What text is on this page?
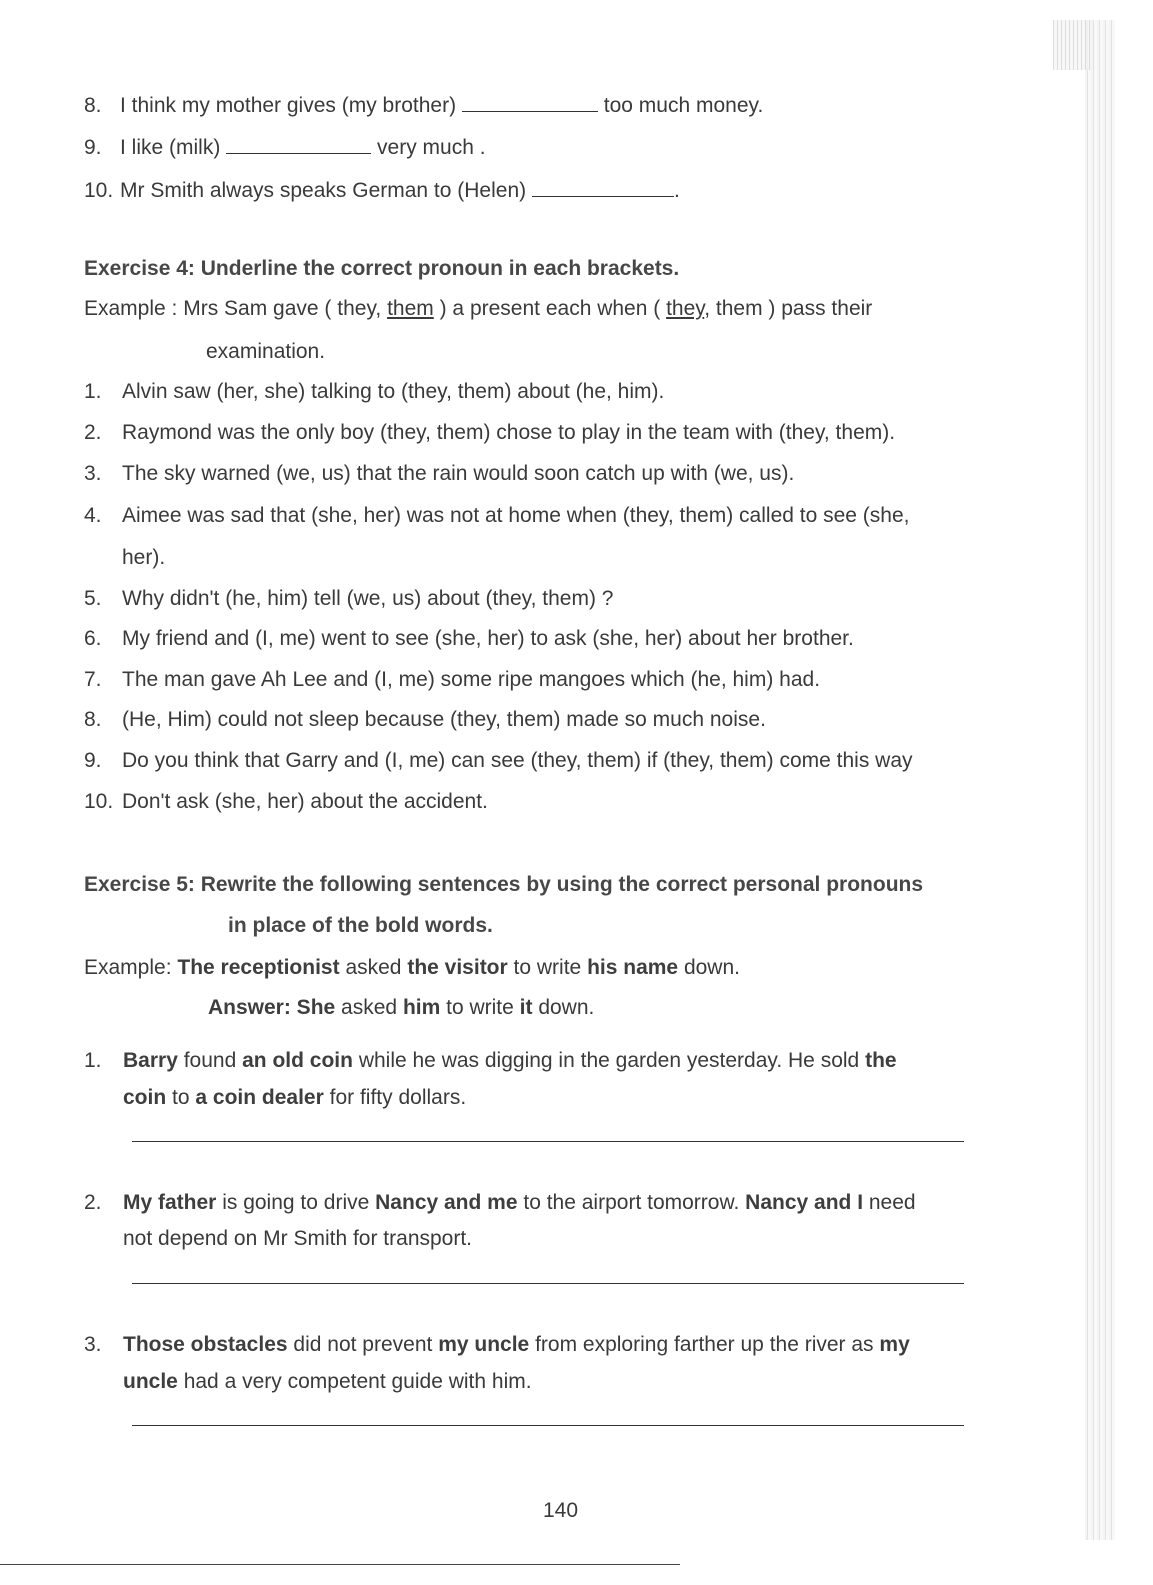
8. I think my mother gives (my brother)	too much money.
9. I like (milk)	very much .
10. Mr Smith always speaks German to (Helen)	.
Exercise 4: Underline the correct pronoun in each brackets.
Example : Mrs Sam gave ( they, them ) a present each when ( they, them ) pass their
examination.
1. Alvin saw (her, she) talking to (they, them) about (he, him).
2. Raymond was the only boy (they, them) chose to play in the team with (they, them).
3. The sky warned (we, us) that the rain would soon catch up with (we, us).
4. Aimee was sad that (she, her) was not at home when (they, them) called to see (she,
her).
5. Why didn't (he, him) tell (we, us) about (they, them) ?
6. My friend and (I, me) went to see (she, her) to ask (she, her) about her brother.
7. The man gave Ah Lee and (I, me) some ripe mangoes which (he, him) had.
8. (He, Him) could not sleep because (they, them) made so much noise.
9. Do you think that Garry and (I, me) can see (they, them) if (they, them) come this way
10. Don't ask (she, her) about the accident.
Exercise 5: Rewrite the following sentences by using the correct personal pronouns
in place of the bold words.
Example: The receptionist asked the visitor to write his name down.
Answer: She asked him to write it down.
1. Barry found an old coin while he was digging in the garden yesterday. He sold the
coin to a coin dealer for fifty dollars.
2. My father is going to drive Nancy and me to the airport tomorrow. Nancy and I need
not depend on Mr Smith for transport.
3. Those obstacles did not prevent my uncle from exploring farther up the river as my
uncle had a very competent guide with him.
140
